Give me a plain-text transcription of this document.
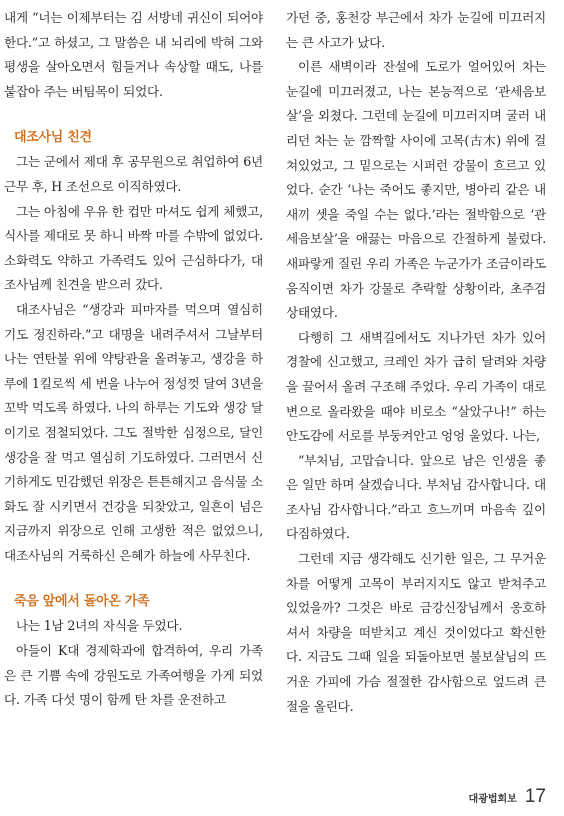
내게 “너는 이제부터는 김 서방네 귀신이 되어야 한다.”고 하셨고, 그 말씀은 내 뇌리에 박혀 그와 평생을 살아오면서 힘들거나 속상할 때도, 나를 붙잡아 주는 버팀목이 되었다.

대조사님 친견

그는 군에서 제대 후 공무원으로 취업하여 6년 근무 후, H 조선으로 이직하였다.

그는 아침에 우유 한 컵만 마셔도 쉽게 체했고, 식사를 제대로 못 하니 바짝 마를 수밖에 없었다. 소화력도 약하고 가족력도 있어 근심하다가, 대조사님께 친견을 받으러 갔다.

대조사님은 “생강과 피마자를 먹으며 열심히 기도 정진하라.”고 대명을 내려주셔서 그날부터 나는 연탄불 위에 약탕관을 올려놓고, 생강을 하루에 1킬로씩 세 번을 나누어 정성껏 달여 3년을 꼬박 먹도록 하였다. 나의 하루는 기도와 생강 달이기로 점철되었다. 그도 절박한 심정으로, 달인 생강을 잘 먹고 열심히 기도하였다. 그러면서 신기하게도 민감했던 위장은 튼튼해지고 음식물 소화도 잘 시키면서 건강을 되찾았고, 일흔이 넘은 지금까지 위장으로 인해 고생한 적은 없었으니, 대조사님의 거룩하신 은혜가 하늘에 사무친다.

죽음 앞에서 돌아온 가족

나는 1남 2녀의 자식을 두었다.

아들이 K대 경제학과에 합격하여, 우리 가족은 큰 기쁨 속에 강원도로 가족여행을 가게 되었다. 가족 다섯 명이 함께 탄 차를 운전하고

가던 중, 홍천강 부근에서 차가 눈길에 미끄러지는 큰 사고가 났다.

이른 새벽이라 잔설에 도로가 얼어있어 차는 눈길에 미끄러졌고, 나는 본능적으로 ‘관세음보살’을 외쳤다. 그런데 눈길에 미끄러지며 굴러 내리던 차는 눈 깜짝할 사이에 고목(古木) 위에 걸쳐있었고, 그 밑으로는 시퍼런 강물이 흐르고 있었다. 순간 ‘나는 죽어도 좋지만, 병아리 같은 내 새끼 셋을 죽일 수는 없다.’라는 절박함으로 ‘관세음보살’을 애끓는 마음으로 간절하게 불렀다. 새파랗게 질린 우리 가족은 누군가가 조금이라도 움직이면 차가 강물로 추락할 상황이라, 초주검상태였다.

다행히 그 새벽길에서도 지나가던 차가 있어 경찰에 신고했고, 크레인 차가 급히 달려와 차량을 끌어서 올려 구조해 주었다. 우리 가족이 대로변으로 올라왔을 때야 비로소 “살았구나!” 하는 안도감에 서로를 부둥켜안고 엉엉 울었다. 나는,

“부처님, 고맙습니다. 앞으로 남은 인생을 좋은 일만 하며 살겠습니다. 부처님 감사합니다. 대조사님 감사합니다.”라고 흐느끼며 마음속 깊이 다짐하였다.

그런데 지금 생각해도 신기한 일은, 그 무거운 차를 어떻게 고목이 부러지지도 않고 받쳐주고 있었을까? 그것은 바로 금강신장님께서 옹호하셔서 차량을 떠받치고 계신 것이었다고 확신한다. 지금도 그때 일을 되돌아보면 불보살님의 뜨거운 가피에 가슴 절절한 감사함으로 엎드려 큰절을 올린다.

대광법회보 17
